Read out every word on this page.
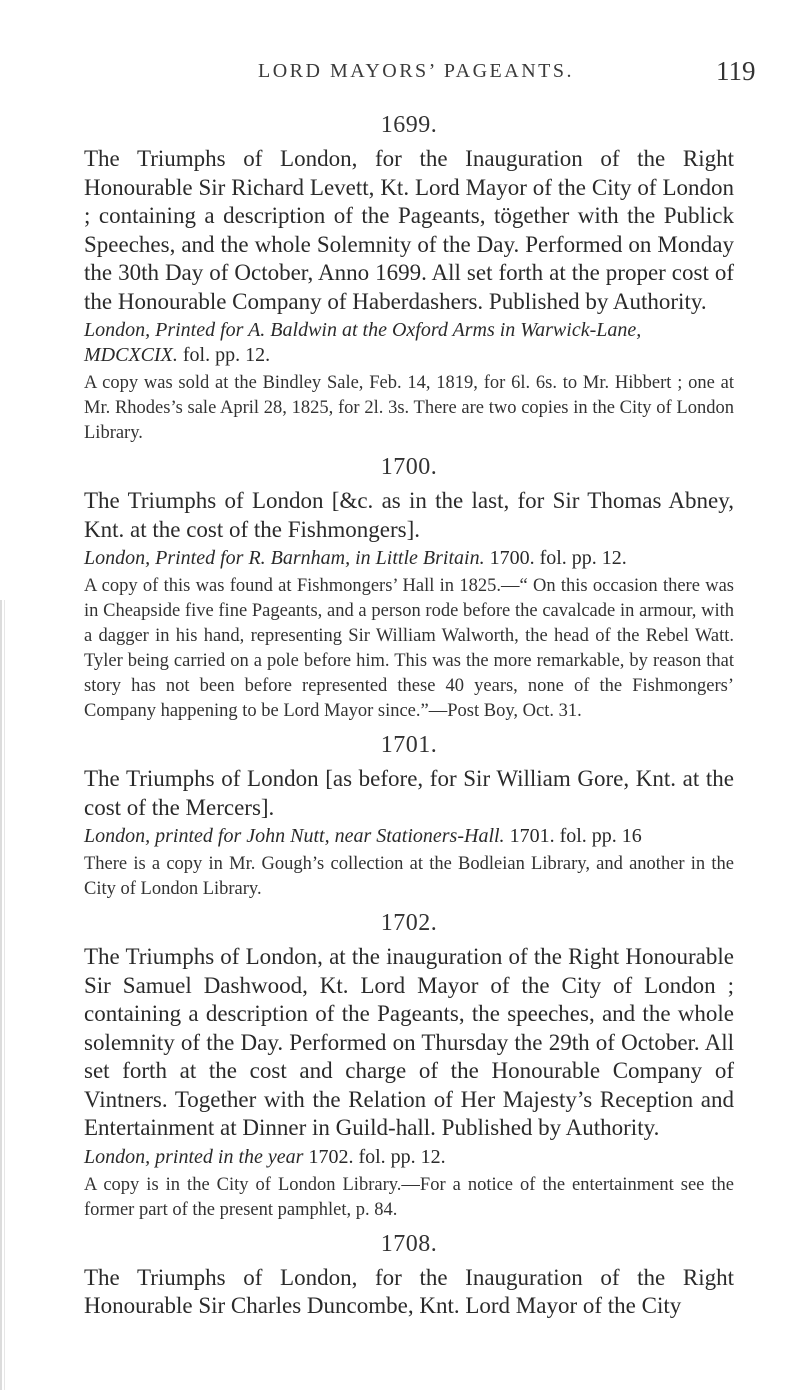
LORD MAYORS’ PAGEANTS.	119

1699.

The Triumphs of London, for the Inauguration of the Right Honourable Sir Richard Levett, Kt. Lord Mayor of the City of London ; containing a description of the Pageants, tögether with the Publick Speeches, and the whole Solemnity of the Day. Performed on Monday the 30th Day of October, Anno 1699. All set forth at the proper cost of the Honourable Company of Haberdashers. Published by Authority.

London, Printed for A. Baldwin at the Oxford Arms in Warwick-Lane, MDCXCIX. fol. pp. 12.

A copy was sold at the Bindley Sale, Feb. 14, 1819, for 6l. 6s. to Mr. Hibbert ; one at Mr. Rhodes’s sale April 28, 1825, for 2l. 3s. There are two copies in the City of London Library.

1700.

The Triumphs of London [&c. as in the last, for Sir Thomas Abney, Knt. at the cost of the Fishmongers].

London, Printed for R. Barnham, in Little Britain. 1700. fol. pp. 12.

A copy of this was found at Fishmongers’ Hall in 1825.—“ On this occasion there was in Cheapside five fine Pageants, and a person rode before the cavalcade in armour, with a dagger in his hand, representing Sir William Walworth, the head of the Rebel Watt. Tyler being carried on a pole before him. This was the more remarkable, by reason that story has not been before represented these 40 years, none of the Fishmongers’ Company happening to be Lord Mayor since.”—Post Boy, Oct. 31.

1701.

The Triumphs of London [as before, for Sir William Gore, Knt. at the cost of the Mercers].

London, printed for John Nutt, near Stationers-Hall. 1701. fol. pp. 16

There is a copy in Mr. Gough’s collection at the Bodleian Library, and another in the City of London Library.

1702.

The Triumphs of London, at the inauguration of the Right Honourable Sir Samuel Dashwood, Kt. Lord Mayor of the City of London ; containing a description of the Pageants, the speeches, and the whole solemnity of the Day. Performed on Thursday the 29th of October. All set forth at the cost and charge of the Honourable Company of Vintners. Together with the Relation of Her Majesty’s Reception and Entertainment at Dinner in Guild-hall. Published by Authority.

London, printed in the year 1702. fol. pp. 12.

A copy is in the City of London Library.—For a notice of the entertainment see the former part of the present pamphlet, p. 84.

1708.

The Triumphs of London, for the Inauguration of the Right Honourable Sir Charles Duncombe, Knt. Lord Mayor of the City
